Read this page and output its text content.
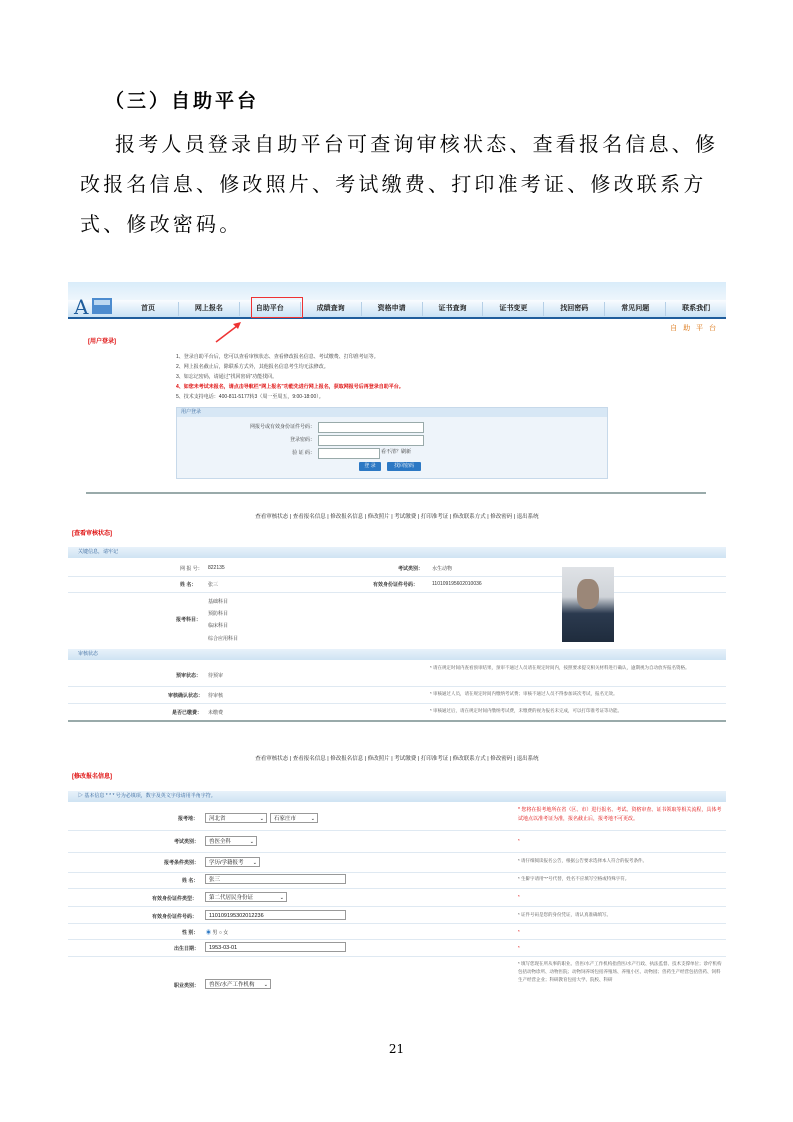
（三）自助平台
报考人员登录自助平台可查询审核状态、查看报名信息、修改报名信息、修改照片、考试缴费、打印准考证、修改联系方式、修改密码。
A	首页	网上报名	自助平台	成绩查询	资格申请	证书查询	证书变更	找回密码	常见问题	联系我们
自 助 平 台
[用户登录]
1、登录自助平台后，您可以查看审核状态、查看修改报名信息、考试缴费、打印准考证等。
2、网上报名截止后，除联系方式外，其他报名信息考生均无法修改。
3、如忘记密码，请通过“找回密码”功能找回。
4、如您未考试未报名，请点击导航栏“网上报名”功能先进行网上报名，获取网报号后再登录自助平台。
5、技术支持电话：400-811-5177转3（周一至周五，9:00-18:00）。
用户登录
网报号或有效身份证件号码：
登录密码：
验 证 码：	看不清？刷新
登 录	找回密码
查看审核状态 | 查看报名信息 | 修改报名信息 | 修改照片 | 考试缴费 | 打印准考证 | 修改联系方式 | 修改密码 | 退出系统
[查看审核状态]
关键信息，请牢记
网 报 号： 822135	考试类别： 水生动物
姓 名： 张三	有效身份证件号码：	110109195602010036
报考科目：
基础科目
预防科目
临床科目
综合应用科目
审核状态
预审状态： 待预审
* 请在规定时间内查看预审结果，预审不通过人员请在规定时间内，按照要求提交相关材料进行确认，逾期视为自动放弃报名资格。
审核确认状态： 待审核	* 审核通过人员，请在规定时间内缴纳考试费；审核不通过人员不得参加该次考试，报名无效。
是否已缴费： 未缴费	* 审核通过后，请在规定时间内缴纳考试费，未缴费的视为报名未完成，可以打印准考证等功能。
查看审核状态 | 查看报名信息 | 修改报名信息 | 修改照片 | 考试缴费 | 打印准考证 | 修改联系方式 | 修改密码 | 退出系统
[修改报名信息]
▷ 基本信息 * * * 号为必填项，数字及英文字母请用半角字符。
报考地：	河北省	⌄	石家庄市	⌄
* 您将在报考地所在省（区、市）进行报名、考试、资格审查、证书领取等相关流程，具体考试地点以准考证为准，报名截止后，报考地不可更改。
考试类别：	兽医全科	⌄	*
报考条件类别：	学历/学籍报考 ⌄	* 请仔细阅读报名公告，根据公告要求选择本人符合的报考条件。
姓 名：	张三	* 生僻字请用“*”号代替，姓名不应填写空格或特殊字符。
有效身份证件类型：	第二代居民身份证	⌄	*
有效身份证件号码：	110109195302012236	* 证件号码是您的身份凭证，请认真准确填写。
性 别： ◉ 男 ○ 女	*
出生日期：	1953-03-01	*
职业类别：	兽医/水产工作机构 ⌄
* 填写您现在所从事的职业。兽医/水产工作机构指兽医/水产行政、执法监督、技术支撑单位；诊疗机构包括动物诊所、动物医院；动物饲养场包括养殖场、养殖小区、动物园；兽药生产经营包括兽药、饲料生产经营企业；科研教育包括大学、院校、科研
21
